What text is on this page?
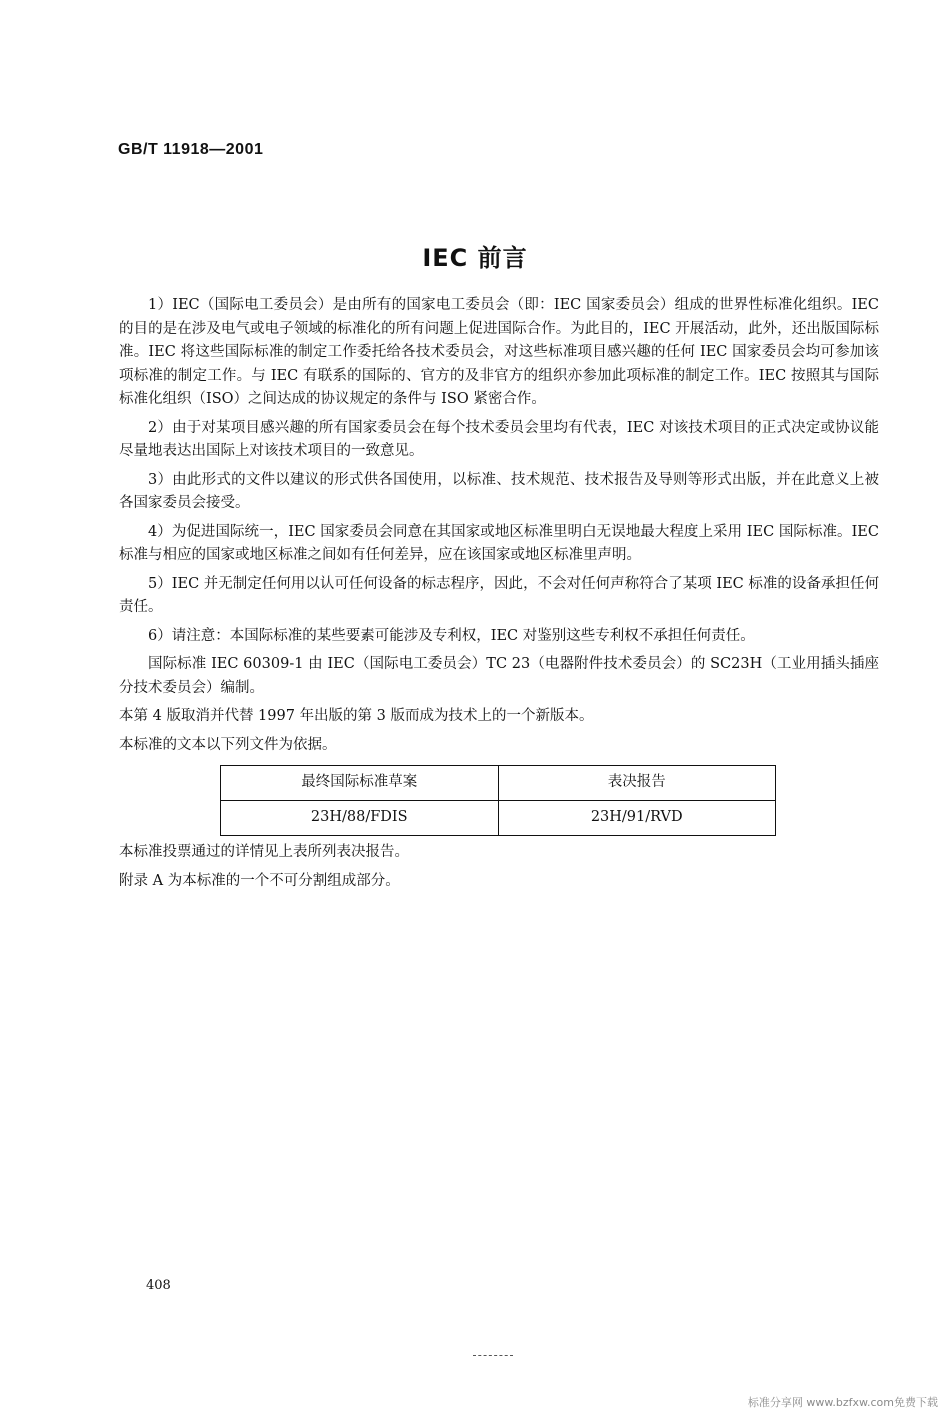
GB/T 11918—2001
IEC 前言

1）IEC（国际电工委员会）是由所有的国家电工委员会（即：IEC 国家委员会）组成的世界性标准化组织。IEC 的目的是在涉及电气或电子领域的标准化的所有问题上促进国际合作。为此目的，IEC 开展活动，此外，还出版国际标准。IEC 将这些国际标准的制定工作委托给各技术委员会，对这些标准项目感兴趣的任何 IEC 国家委员会均可参加该项标准的制定工作。与 IEC 有联系的国际的、官方的及非官方的组织亦参加此项标准的制定工作。IEC 按照其与国际标准化组织（ISO）之间达成的协议规定的条件与 ISO 紧密合作。

2）由于对某项目感兴趣的所有国家委员会在每个技术委员会里均有代表，IEC 对该技术项目的正式决定或协议能尽量地表达出国际上对该技术项目的一致意见。

3）由此形式的文件以建议的形式供各国使用，以标准、技术规范、技术报告及导则等形式出版，并在此意义上被各国家委员会接受。

4）为促进国际统一，IEC 国家委员会同意在其国家或地区标准里明白无误地最大程度上采用 IEC 国际标准。IEC 标准与相应的国家或地区标准之间如有任何差异，应在该国家或地区标准里声明。

5）IEC 并无制定任何用以认可任何设备的标志程序，因此，不会对任何声称符合了某项 IEC 标准的设备承担任何责任。

6）请注意：本国际标准的某些要素可能涉及专利权，IEC 对鉴别这些专利权不承担任何责任。

国际标准 IEC 60309-1 由 IEC（国际电工委员会）TC 23（电器附件技术委员会）的 SC23H（工业用插头插座分技术委员会）编制。

本第 4 版取消并代替 1997 年出版的第 3 版而成为技术上的一个新版本。

本标准的文本以下列文件为依据。

最终国际标准草案	表决报告
23H/88/FDIS	23H/91/RVD

本标准投票通过的详情见上表所列表决报告。

附录 A 为本标准的一个不可分割组成部分。

408
标准分享网 www.bzfxw.com免费下载
